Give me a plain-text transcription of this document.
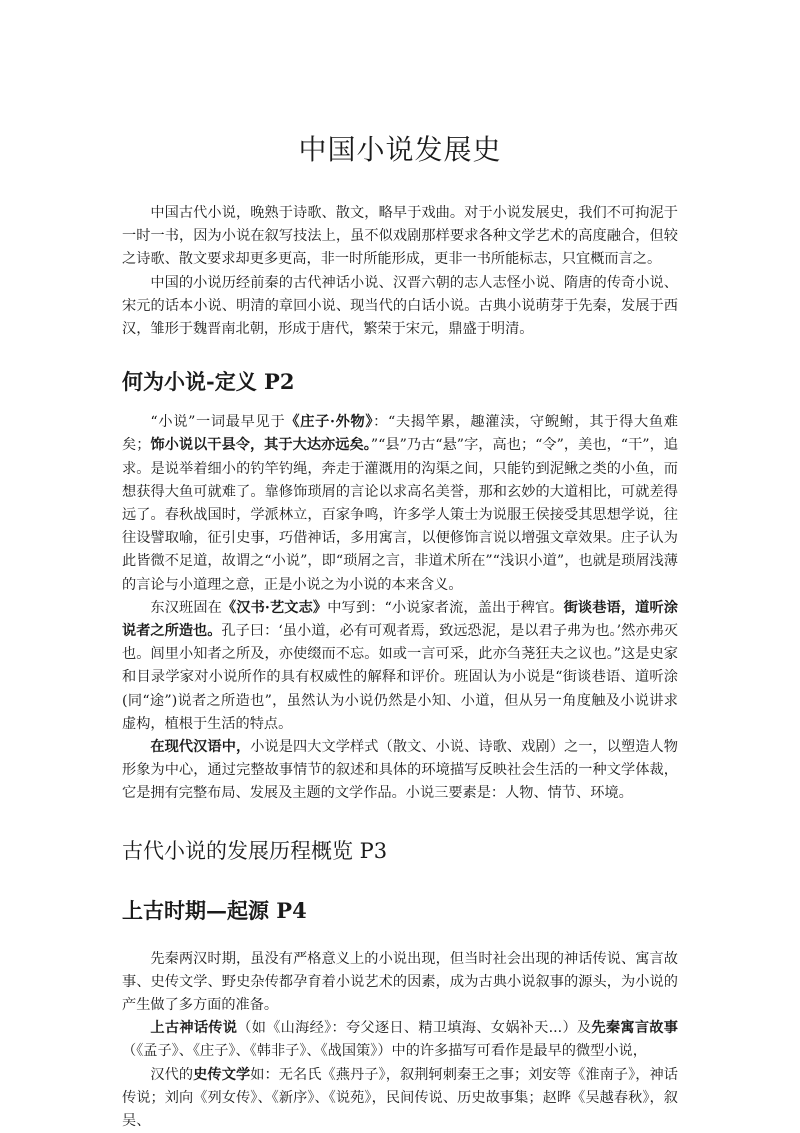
中国小说发展史

中国古代小说，晚熟于诗歌、散文，略早于戏曲。对于小说发展史，我们不可拘泥于一时一书，因为小说在叙写技法上，虽不似戏剧那样要求各种文学艺术的高度融合，但较之诗歌、散文要求却更多更高，非一时所能形成，更非一书所能标志，只宜概而言之。

中国的小说历经前秦的古代神话小说、汉晋六朝的志人志怪小说、隋唐的传奇小说、宋元的话本小说、明清的章回小说、现当代的白话小说。古典小说萌芽于先秦，发展于西汉，雏形于魏晋南北朝，形成于唐代，繁荣于宋元，鼎盛于明清。

何为小说-定义 P2

“小说”一词最早见于《庄子·外物》：“夫揭竿累，趣灌渎，守鲵鲋，其于得大鱼难矣；饰小说以干县令，其于大达亦远矣。”“县”乃古“悬”字，高也；“令”，美也，“干”，追求。是说举着细小的钓竿钓绳，奔走于灌溉用的沟渠之间，只能钓到泥鳅之类的小鱼，而想获得大鱼可就难了。靠修饰琐屑的言论以求高名美誉，那和玄妙的大道相比，可就差得远了。春秋战国时，学派林立，百家争鸣，许多学人策士为说服王侯接受其思想学说，往往设譬取喻，征引史事，巧借神话，多用寓言，以便修饰言说以增强文章效果。庄子认为此皆微不足道，故谓之“小说”，即“琐屑之言，非道术所在”“浅识小道”，也就是琐屑浅薄的言论与小道理之意，正是小说之为小说的本来含义。

东汉班固在《汉书·艺文志》中写到：“小说家者流，盖出于稗官。街谈巷语，道听涂说者之所造也。孔子曰：‘虽小道，必有可观者焉，致远恐泥，是以君子弗为也。’然亦弗灭也。闾里小知者之所及，亦使缀而不忘。如或一言可采，此亦刍荛狂夫之议也。”这是史家和目录学家对小说所作的具有权威性的解释和评价。班固认为小说是“街谈巷语、道听涂(同“途”)说者之所造也”，虽然认为小说仍然是小知、小道，但从另一角度触及小说讲求虚构，植根于生活的特点。

在现代汉语中，小说是四大文学样式（散文、小说、诗歌、戏剧）之一，以塑造人物形象为中心，通过完整故事情节的叙述和具体的环境描写反映社会生活的一种文学体裁，它是拥有完整布局、发展及主题的文学作品。小说三要素是：人物、情节、环境。

古代小说的发展历程概览 P3
上古时期—起源 P4

先秦两汉时期，虽没有严格意义上的小说出现，但当时社会出现的神话传说、寓言故事、史传文学、野史杂传都孕育着小说艺术的因素，成为古典小说叙事的源头，为小说的产生做了多方面的准备。

上古神话传说（如《山海经》：夸父逐日、精卫填海、女娲补天...）及先秦寓言故事（《孟子》、《庄子》、《韩非子》、《战国策》）中的许多描写可看作是最早的微型小说，

汉代的史传文学如：无名氏《燕丹子》，叙荆轲刺秦王之事；刘安等《淮南子》，神话传说；刘向《列女传》、《新序》、《说苑》，民间传说、历史故事集；赵晔《吴越春秋》，叙吴、
